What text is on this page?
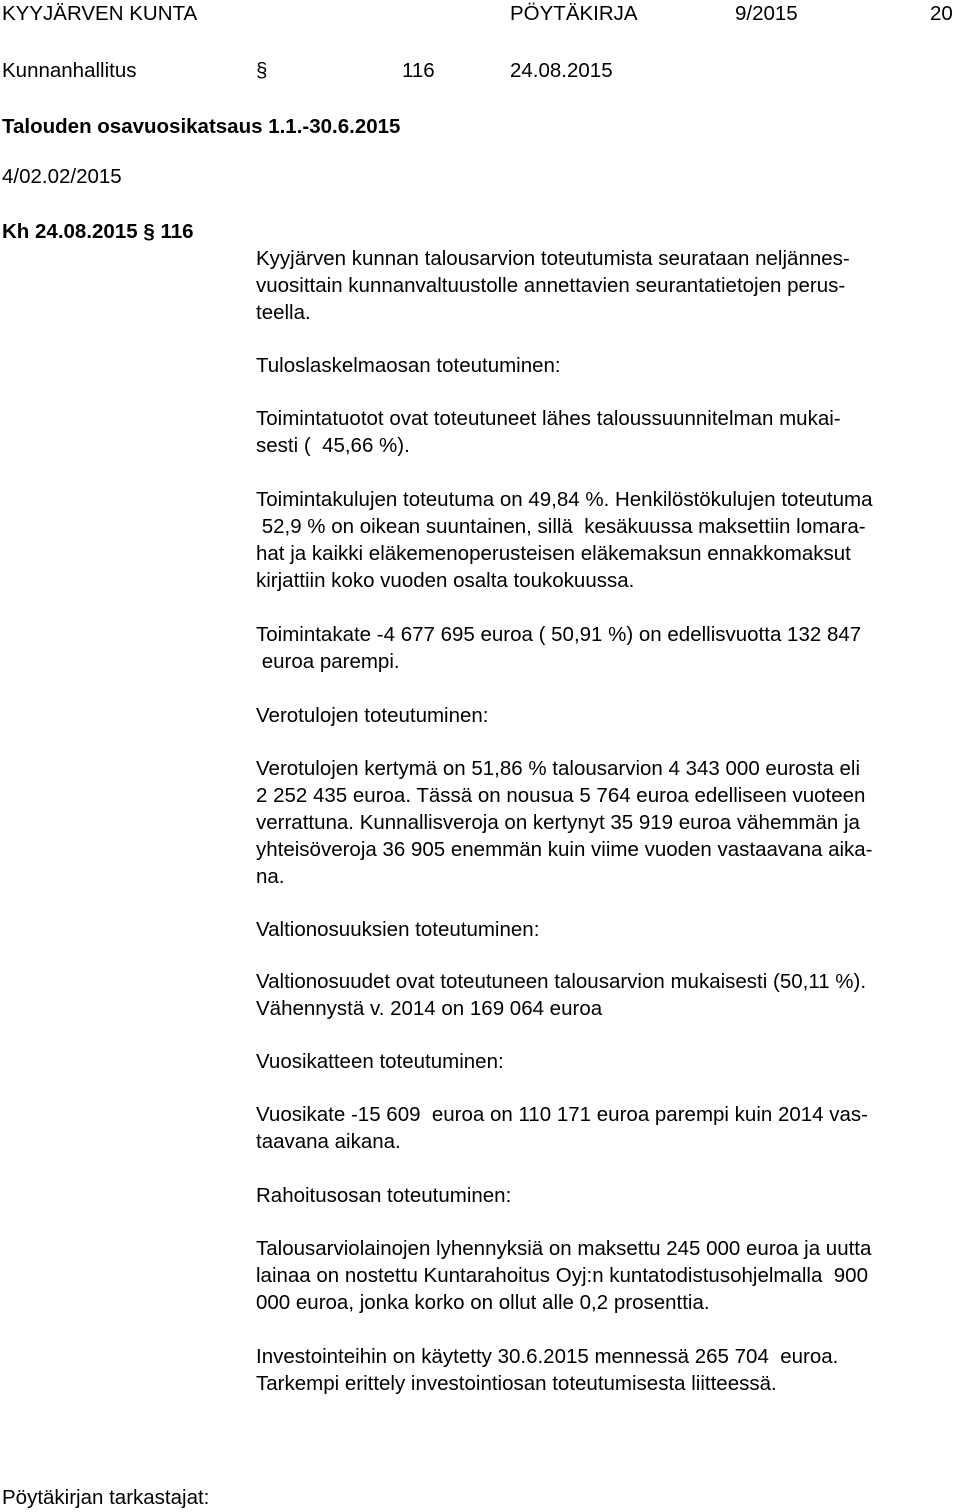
KYYJÄRVEN KUNTA	PÖYTÄKIRJA	9/2015	20
Kunnanhallitus	§	116	24.08.2015
Talouden osavuosikatsaus 1.1.-30.6.2015
4/02.02/2015
Kh 24.08.2015 § 116

Kyyjärven kunnan talousarvion toteutumista seurataan neljännes-
vuosittain kunnanvaltuustolle annettavien seurantatietojen perus-
teella.

Tuloslaskelmaosan toteutuminen:

Toimintatuotot ovat toteutuneet lähes taloussuunnitelman mukai-
sesti (  45,66 %).

Toimintakulujen toteutuma on 49,84 %. Henkilöstökulujen toteutuma
52,9 % on oikean suuntainen, sillä  kesäkuussa maksettiin lomara-
hat ja kaikki eläkemenoperusteisen eläkemaksun ennakkomaksut
kirjattiin koko vuoden osalta toukokuussa.

Toimintakate -4 677 695 euroa ( 50,91 %) on edellisvuotta 132 847
euroa parempi.

Verotulojen toteutuminen:

Verotulojen kertymä on 51,86 % talousarvion 4 343 000 eurosta eli
2 252 435 euroa. Tässä on nousua 5 764 euroa edelliseen vuoteen
verrattuna. Kunnallisveroja on kertynyt 35 919 euroa vähemmän ja
yhteisöveroja 36 905 enemmän kuin viime vuoden vastaavana aika-
na.

Valtionosuuksien toteutuminen:

Valtionosuudet ovat toteutuneen talousarvion mukaisesti (50,11 %).
Vähennystä v. 2014 on 169 064 euroa

Vuosikatteen toteutuminen:

Vuosikate -15 609  euroa on 110 171 euroa parempi kuin 2014 vas-
taavana aikana.

Rahoitusosan toteutuminen:

Talousarviolainojen lyhennyksiä on maksettu 245 000 euroa ja uutta
lainaa on nostettu Kuntarahoitus Oyj:n kuntatodistusohjelmalla  900
000 euroa, jonka korko on ollut alle 0,2 prosenttia.

Investointeihin on käytetty 30.6.2015 mennessä 265 704  euroa.
Tarkempi erittely investointiosan toteutumisesta liitteessä.

Pöytäkirjan tarkastajat:
